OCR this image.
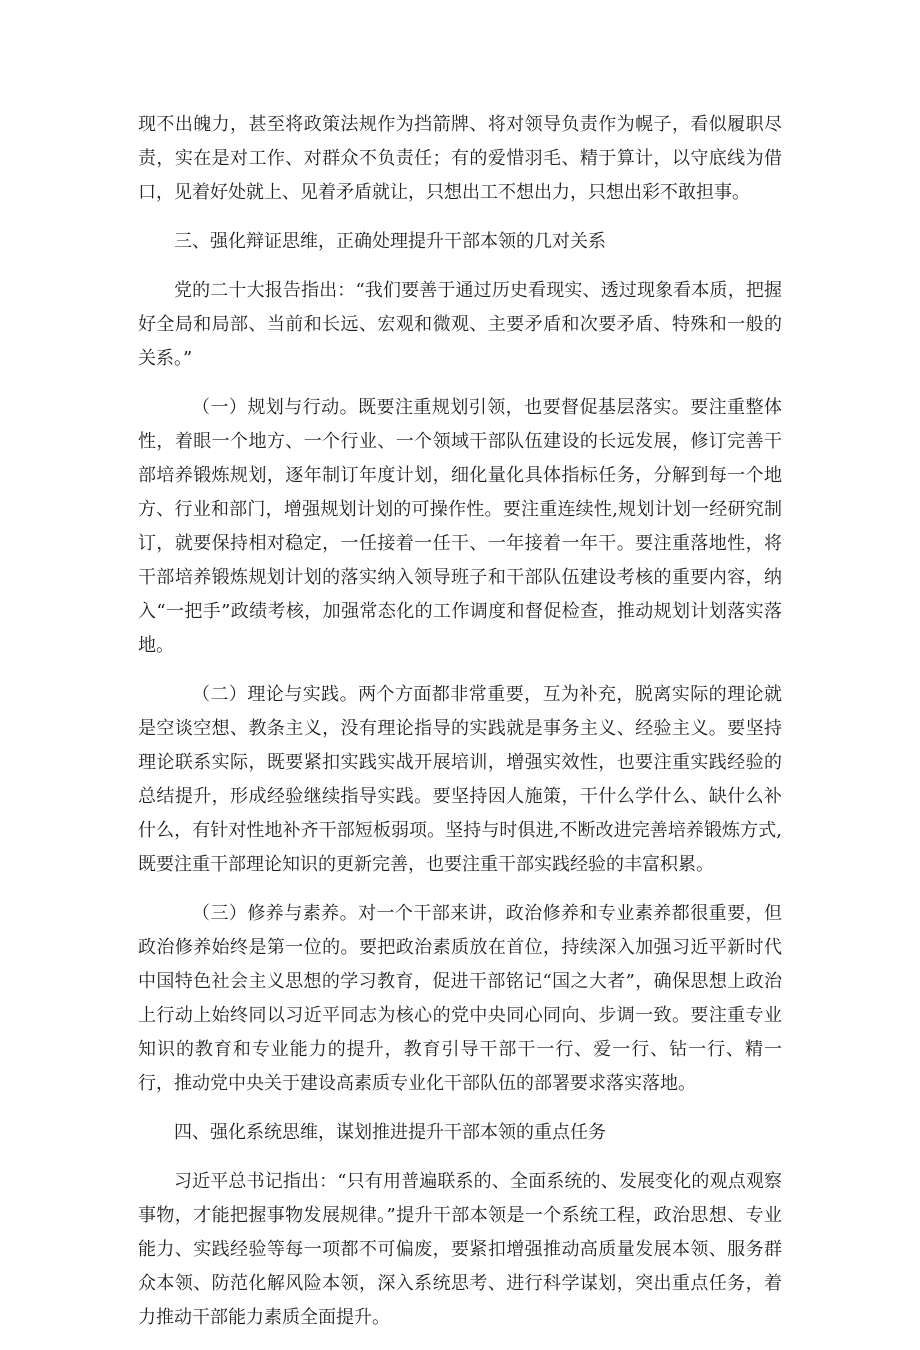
现不出魄力，甚至将政策法规作为挡箭牌、将对领导负责作为幌子，看似履职尽责，实在是对工作、对群众不负责任；有的爱惜羽毛、精于算计，以守底线为借口，见着好处就上、见着矛盾就让，只想出工不想出力，只想出彩不敢担事。

三、强化辩证思维，正确处理提升干部本领的几对关系

党的二十大报告指出：“我们要善于通过历史看现实、透过现象看本质，把握好全局和局部、当前和长远、宏观和微观、主要矛盾和次要矛盾、特殊和一般的关系。”

（一）规划与行动。既要注重规划引领，也要督促基层落实。要注重整体性，着眼一个地方、一个行业、一个领域干部队伍建设的长远发展，修订完善干部培养锻炼规划，逐年制订年度计划，细化量化具体指标任务，分解到每一个地方、行业和部门，增强规划计划的可操作性。要注重连续性,规划计划一经研究制订，就要保持相对稳定，一任接着一任干、一年接着一年干。要注重落地性，将干部培养锻炼规划计划的落实纳入领导班子和干部队伍建设考核的重要内容，纳入“一把手”政绩考核，加强常态化的工作调度和督促检查，推动规划计划落实落地。

（二）理论与实践。两个方面都非常重要，互为补充，脱离实际的理论就是空谈空想、教条主义，没有理论指导的实践就是事务主义、经验主义。要坚持理论联系实际，既要紧扣实践实战开展培训，增强实效性，也要注重实践经验的总结提升，形成经验继续指导实践。要坚持因人施策，干什么学什么、缺什么补什么，有针对性地补齐干部短板弱项。坚持与时俱进,不断改进完善培养锻炼方式,既要注重干部理论知识的更新完善，也要注重干部实践经验的丰富积累。

（三）修养与素养。对一个干部来讲，政治修养和专业素养都很重要，但政治修养始终是第一位的。要把政治素质放在首位，持续深入加强习近平新时代中国特色社会主义思想的学习教育，促进干部铭记“国之大者”，确保思想上政治上行动上始终同以习近平同志为核心的党中央同心同向、步调一致。要注重专业知识的教育和专业能力的提升，教育引导干部干一行、爱一行、钻一行、精一行，推动党中央关于建设高素质专业化干部队伍的部署要求落实落地。

四、强化系统思维，谋划推进提升干部本领的重点任务

习近平总书记指出：“只有用普遍联系的、全面系统的、发展变化的观点观察事物，才能把握事物发展规律。”提升干部本领是一个系统工程，政治思想、专业能力、实践经验等每一项都不可偏废，要紧扣增强推动高质量发展本领、服务群众本领、防范化解风险本领，深入系统思考、进行科学谋划，突出重点任务，着力推动干部能力素质全面提升。
